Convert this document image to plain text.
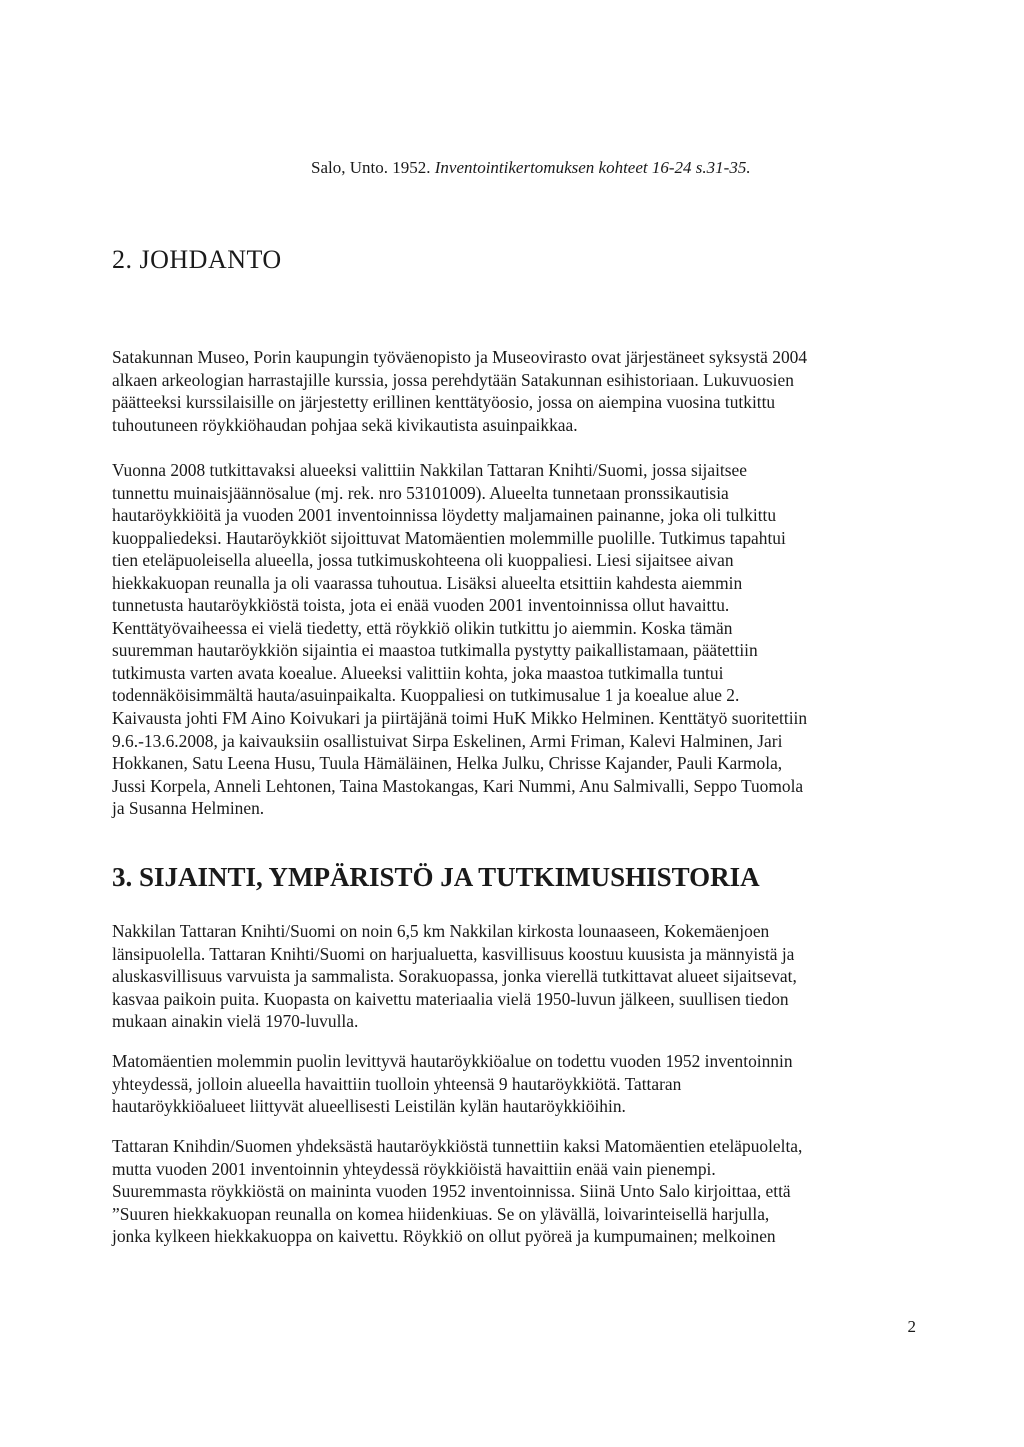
Salo, Unto. 1952. Inventointikertomuksen kohteet 16-24 s.31-35.
2. JOHDANTO

Satakunnan Museo, Porin kaupungin työväenopisto ja Museovirasto ovat järjestäneet syksystä 2004
alkaen arkeologian harrastajille kurssia, jossa perehdytään Satakunnan esihistoriaan. Lukuvuosien
päätteeksi kurssilaisille on järjestetty erillinen kenttätyöosio, jossa on aiempina vuosina tutkittu
tuhoutuneen röykkiöhaudan pohjaa sekä kivikautista asuinpaikkaa.

Vuonna 2008 tutkittavaksi alueeksi valittiin Nakkilan Tattaran Knihti/Suomi, jossa sijaitsee
tunnettu muinaisjäännösalue (mj. rek. nro 53101009). Alueelta tunnetaan pronssikautisia
hautaröykkiöitä ja vuoden 2001 inventoinnissa löydetty maljamainen painanne, joka oli tulkittu
kuoppaliedeksi. Hautaröykkiöt sijoittuvat Matomäentien molemmille puolille. Tutkimus tapahtui
tien eteläpuoleisella alueella, jossa tutkimuskohteena oli kuoppaliesi. Liesi sijaitsee aivan
hiekkakuopan reunalla ja oli vaarassa tuhoutua. Lisäksi alueelta etsittiin kahdesta aiemmin
tunnetusta hautaröykkiöstä toista, jota ei enää vuoden 2001 inventoinnissa ollut havaittu.
Kenttätyövaiheessa ei vielä tiedetty, että röykkiö olikin tutkittu jo aiemmin. Koska tämän
suuremman hautaröykkiön sijaintia ei maastoa tutkimalla pystytty paikallistamaan, päätettiin
tutkimusta varten avata koealue. Alueeksi valittiin kohta, joka maastoa tutkimalla tuntui
todennäköisimmältä hauta/asuinpaikalta. Kuoppaliesi on tutkimusalue 1 ja koealue alue 2.

Kaivausta johti FM Aino Koivukari ja piirtäjänä toimi HuK Mikko Helminen. Kenttätyö suoritettiin
9.6.-13.6.2008, ja kaivauksiin osallistuivat Sirpa Eskelinen, Armi Friman, Kalevi Halminen, Jari
Hokkanen, Satu Leena Husu, Tuula Hämäläinen, Helka Julku, Chrisse Kajander, Pauli Karmola,
Jussi Korpela, Anneli Lehtonen, Taina Mastokangas, Kari Nummi, Anu Salmivalli, Seppo Tuomola
ja Susanna Helminen.

3. SIJAINTI, YMPÄRISTÖ JA TUTKIMUSHISTORIA

Nakkilan Tattaran Knihti/Suomi on noin 6,5 km Nakkilan kirkosta lounaaseen, Kokemäenjoen
länsipuolella. Tattaran Knihti/Suomi on harjualuetta, kasvillisuus koostuu kuusista ja männyistä ja
aluskasvillisuus varvuista ja sammalista. Sorakuopassa, jonka vierellä tutkittavat alueet sijaitsevat,
kasvaa paikoin puita. Kuopasta on kaivettu materiaalia vielä 1950-luvun jälkeen, suullisen tiedon
mukaan ainakin vielä 1970-luvulla.

Matomäentien molemmin puolin levittyvä hautaröykkiöalue on todettu vuoden 1952 inventoinnin
yhteydessä, jolloin alueella havaittiin tuolloin yhteensä 9 hautaröykkiötä. Tattaran
hautaröykkiöalueet liittyvät alueellisesti Leistilän kylän hautaröykkiöihin.

Tattaran Knihdin/Suomen yhdeksästä hautaröykkiöstä tunnettiin kaksi Matomäentien eteläpuolelta,
mutta vuoden 2001 inventoinnin yhteydessä röykkiöistä havaittiin enää vain pienempi.
Suuremmasta röykkiöstä on maininta vuoden 1952 inventoinnissa. Siinä Unto Salo kirjoittaa, että
”Suuren hiekkakuopan reunalla on komea hiidenkiuas. Se on ylävällä, loivarinteisellä harjulla,
jonka kylkeen hiekkakuoppa on kaivettu. Röykkiö on ollut pyöreä ja kumpumainen; melkoinen

2
